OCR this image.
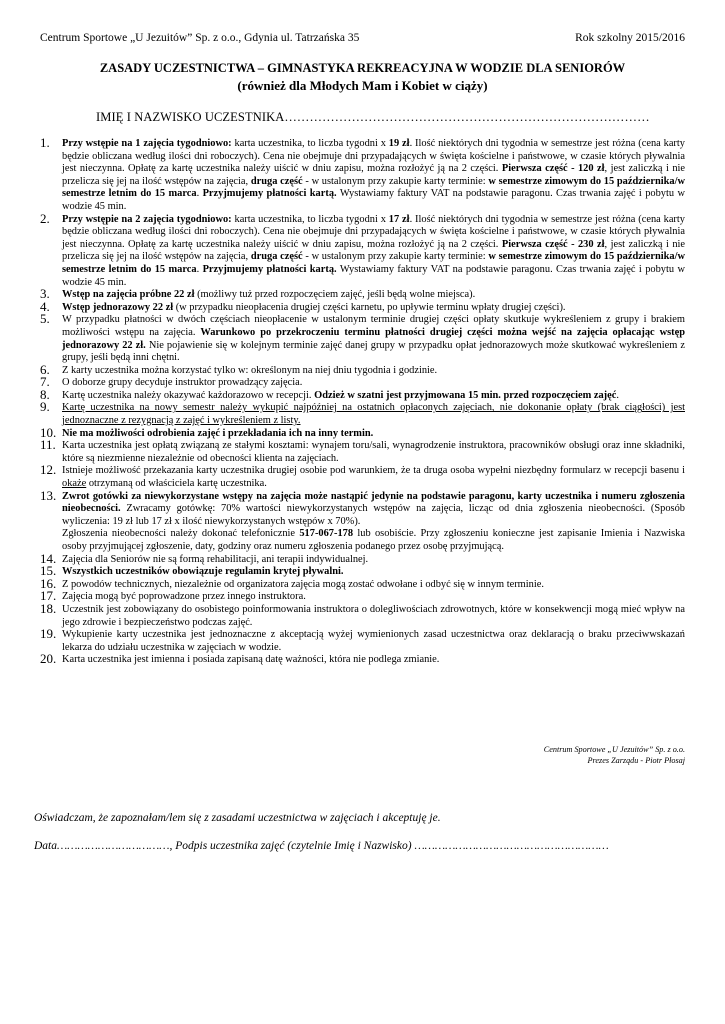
Centrum Sportowe „U Jezuitów” Sp. z o.o., Gdynia ul. Tatrzańska 35	Rok szkolny 2015/2016
ZASADY UCZESTNICTWA – GIMNASTYKA REKREACYJNA W WODZIE DLA SENIORÓW
(również dla Młodych Mam i Kobiet w ciąży)
IMIĘ I NAZWISKO UCZESTNIKA……………………………………………………………………………
1. Przy wstępie na 1 zajęcia tygodniowo: karta uczestnika, to liczba tygodni x 19 zł. Ilość niektórych dni tygodnia w semestrze jest różna (cena karty będzie obliczana według ilości dni roboczych). Cena nie obejmuje dni przypadających w święta kościelne i państwowe, w czasie których pływalnia jest nieczynna. Opłatę za kartę uczestnika należy uiścić w dniu zapisu, można rozłożyć ją na 2 części. Pierwsza część - 120 zł, jest zaliczką i nie przelicza się jej na ilość wstępów na zajęcia, druga część - w ustalonym przy zakupie karty terminie: w semestrze zimowym do 15 października/w semestrze letnim do 15 marca. Przyjmujemy płatności kartą. Wystawiamy faktury VAT na podstawie paragonu. Czas trwania zajęć i pobytu w wodzie 45 min.
2. Przy wstępie na 2 zajęcia tygodniowo: karta uczestnika, to liczba tygodni x 17 zł. Ilość niektórych dni tygodnia w semestrze jest różna (cena karty będzie obliczana według ilości dni roboczych). Cena nie obejmuje dni przypadających w święta kościelne i państwowe, w czasie których pływalnia jest nieczynna. Opłatę za kartę uczestnika należy uiścić w dniu zapisu, można rozłożyć ją na 2 części. Pierwsza część - 230 zł, jest zaliczką i nie przelicza się jej na ilość wstępów na zajęcia, druga część - w ustalonym przy zakupie karty terminie: w semestrze zimowym do 15 października/w semestrze letnim do 15 marca. Przyjmujemy płatności kartą. Wystawiamy faktury VAT na podstawie paragonu. Czas trwania zajęć i pobytu w wodzie 45 min.
3. Wstęp na zajęcia próbne 22 zł (możliwy tuż przed rozpoczęciem zajęć, jeśli będą wolne miejsca).
4. Wstęp jednorazowy 22 zł (w przypadku nieopłacenia drugiej części karnetu, po upływie terminu wpłaty drugiej części).
5. W przypadku płatności w dwóch częściach nieopłacenie w ustalonym terminie drugiej części opłaty skutkuje wykreśleniem z grupy i brakiem możliwości wstępu na zajęcia. Warunkowo po przekroczeniu terminu płatności drugiej części można wejść na zajęcia opłacając wstęp jednorazowy 22 zł. Nie pojawienie się w kolejnym terminie zajęć danej grupy w przypadku opłat jednorazowych może skutkować wykreśleniem z grupy, jeśli będą inni chętni.
6. Z karty uczestnika można korzystać tylko w: określonym na niej dniu tygodnia i godzinie.
7. O doborze grupy decyduje instruktor prowadzący zajęcia.
8. Kartę uczestnika należy okazywać każdorazowo w recepcji. Odzież w szatni jest przyjmowana 15 min. przed rozpoczęciem zajęć.
9. Kartę uczestnika na nowy semestr należy wykupić najpóźniej na ostatnich opłaconych zajęciach, nie dokonanie opłaty (brak ciągłości) jest jednoznaczne z rezygnacją z zajęć i wykreśleniem z listy.
10. Nie ma możliwości odrobienia zajęć i przekładania ich na inny termin.
11. Karta uczestnika jest opłatą związaną ze stałymi kosztami: wynajem toru/sali, wynagrodzenie instruktora, pracowników obsługi oraz inne składniki, które są niezmienne niezależnie od obecności klienta na zajęciach.
12. Istnieje możliwość przekazania karty uczestnika drugiej osobie pod warunkiem, że ta druga osoba wypełni niezbędny formularz w recepcji basenu i okaże otrzymaną od właściciela kartę uczestnika.
13. Zwrot gotówki za niewykorzystane wstępy na zajęcia może nastąpić jedynie na podstawie paragonu, karty uczestnika i numeru zgłoszenia nieobecności. Zwracamy gotówkę: 70% wartości niewykorzystanych wstępów na zajęcia, licząc od dnia zgłoszenia nieobecności. (Sposób wyliczenia: 19 zł lub 17 zł x ilość niewykorzystanych wstępów x 70%).
Zgłoszenia nieobecności należy dokonać telefonicznie 517-067-178 lub osobiście. Przy zgłoszeniu konieczne jest zapisanie Imienia i Nazwiska osoby przyjmującej zgłoszenie, daty, godziny oraz numeru zgłoszenia podanego przez osobę przyjmującą.
14. Zajęcia dla Seniorów nie są formą rehabilitacji, ani terapii indywidualnej.
15. Wszystkich uczestników obowiązuje regulamin krytej pływalni.
16. Z powodów technicznych, niezależnie od organizatora zajęcia mogą zostać odwołane i odbyć się w innym terminie.
17. Zajęcia mogą być poprowadzone przez innego instruktora.
18. Uczestnik jest zobowiązany do osobistego poinformowania instruktora o dolegliwościach zdrowotnych, które w konsekwencji mogą mieć wpływ na jego zdrowie i bezpieczeństwo podczas zajęć.
19. Wykupienie karty uczestnika jest jednoznaczne z akceptacją wyżej wymienionych zasad uczestnictwa oraz deklaracją o braku przeciwwskazań lekarza do udziału uczestnika w zajęciach w wodzie.
20. Karta uczestnika jest imienna i posiada zapisaną datę ważności, która nie podlega zmianie.
Centrum Sportowe „U Jezuitów” Sp. z o.o.
Prezes Zarządu - Piotr Płosaj
Oświadczam, że zapoznałam/lem się z zasadami uczestnictwa w zajęciach i akceptuję je.
Data……………………………, Podpis uczestnika zajęć (czytelnie Imię i Nazwisko) …………………………………………………
